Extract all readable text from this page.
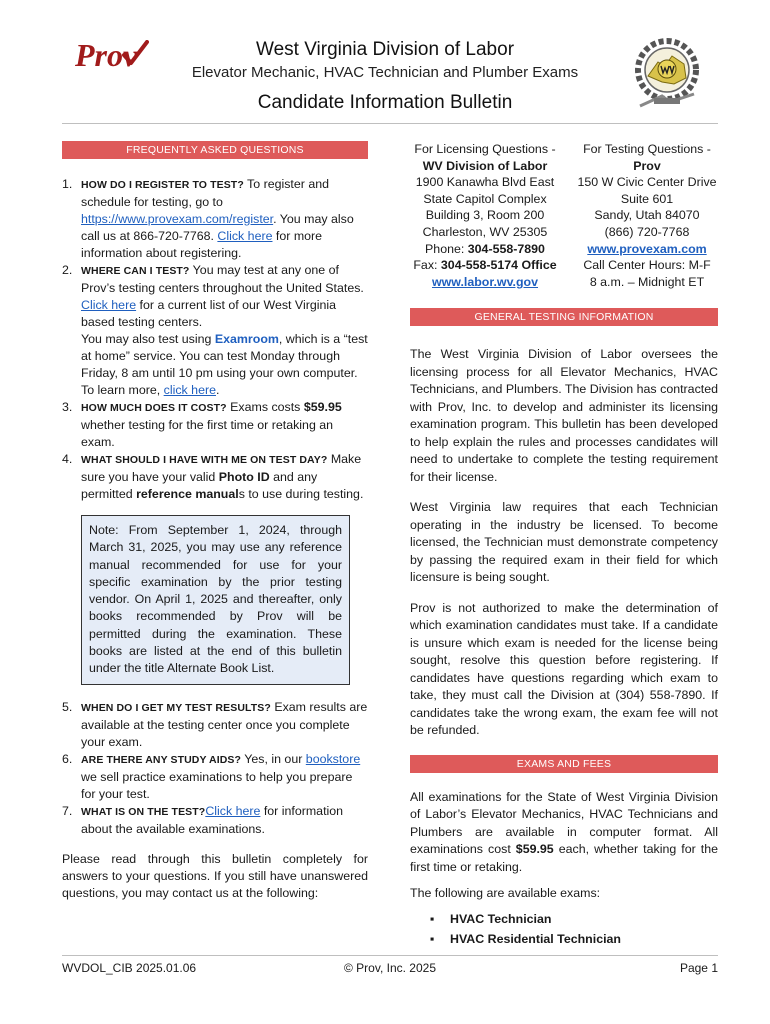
Prov	West Virginia Division of Labor
Elevator Mechanic, HVAC Technician and Plumber Exams
Candidate Information Bulletin
FREQUENTLY ASKED QUESTIONS
1. HOW DO I REGISTER TO TEST? To register and schedule for testing, go to https://www.provexam.com/register. You may also call us at 866-720-7768. Click here for more information about registering.
2. WHERE CAN I TEST? You may test at any one of Prov’s testing centers throughout the United States. Click here for a current list of our West Virginia based testing centers.
You may also test using Examroom, which is a “test at home” service. You can test Monday through Friday, 8 am until 10 pm using your own computer. To learn more, click here.
3. HOW MUCH DOES IT COST? Exams costs $59.95 whether testing for the first time or retaking an exam.
4. WHAT SHOULD I HAVE WITH ME ON TEST DAY? Make sure you have your valid Photo ID and any permitted reference manuals to use during testing.
Note: From September 1, 2024, through March 31, 2025, you may use any reference manual recommended for use for your specific examination by the prior testing vendor. On April 1, 2025 and thereafter, only books recommended by Prov will be permitted during the examination. These books are listed at the end of this bulletin under the title Alternate Book List.
5. WHEN DO I GET MY TEST RESULTS? Exam results are available at the testing center once you complete your exam.
6. ARE THERE ANY STUDY AIDS? Yes, in our bookstore we sell practice examinations to help you prepare for your test.
7. WHAT IS ON THE TEST?Click here for information about the available examinations.

Please read through this bulletin completely for answers to your questions. If you still have unanswered questions, you may contact us at the following:

For Licensing Questions -
WV Division of Labor
1900 Kanawha Blvd East
State Capitol Complex
Building 3, Room 200
Charleston, WV 25305
Phone: 304-558-7890
Fax: 304-558-5174 Office
www.labor.wv.gov
For Testing Questions -
Prov
150 W Civic Center Drive
Suite 601
Sandy, Utah 84070
(866) 720-7768
www.provexam.com
Call Center Hours: M-F
8 a.m. – Midnight ET
GENERAL TESTING INFORMATION

The West Virginia Division of Labor oversees the licensing process for all Elevator Mechanics, HVAC Technicians, and Plumbers. The Division has contracted with Prov, Inc. to develop and administer its licensing examination program. This bulletin has been developed to help explain the rules and processes candidates will need to undertake to complete the testing requirement for their license.

West Virginia law requires that each Technician operating in the industry be licensed. To become licensed, the Technician must demonstrate competency by passing the required exam in their field for which licensure is being sought.

Prov is not authorized to make the determination of which examination candidates must take. If a candidate is unsure which exam is needed for the license being sought, resolve this question before registering. If candidates have questions regarding which exam to take, they must call the Division at (304) 558-7890. If candidates take the wrong exam, the exam fee will not be refunded.

EXAMS AND FEES

All examinations for the State of West Virginia Division of Labor’s Elevator Mechanics, HVAC Technicians and Plumbers are available in computer format. All examinations cost $59.95 each, whether taking for the first time or retaking.

The following are available exams:

▪ HVAC Technician
▪ HVAC Residential Technician
WVDOL_CIB 2025.01.06	© Prov, Inc. 2025	Page 1
